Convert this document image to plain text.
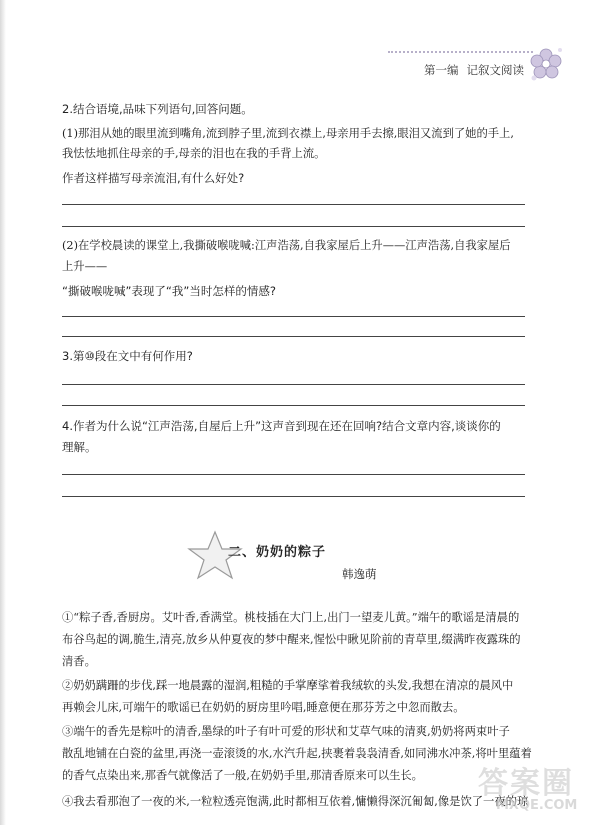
第一编 记叙文阅读
2.结合语境,品味下列语句,回答问题。
(1)那泪从她的眼里流到嘴角,流到脖子里,流到衣襟上,母亲用手去擦,眼泪又流到了她的手上,
我怯怯地抓住母亲的手,母亲的泪也在我的手背上流。
作者这样描写母亲流泪,有什么好处?
(2)在学校晨读的课堂上,我撕破喉咙喊:江声浩荡,自我家屋后上升——江声浩荡,自我家屋后
上升——
“撕破喉咙喊”表现了“我”当时怎样的情感?
3.第⑩段在文中有何作用?
4.作者为什么说“江声浩荡,自屋后上升”这声音到现在还在回响?结合文章内容,谈谈你的
理解。
二、奶奶的粽子
韩逸萌
①“粽子香,香厨房。艾叶香,香满堂。桃枝插在大门上,出门一望麦儿黄。”端午的歌谣是清晨的
布谷鸟起的调,脆生,清亮,放乡从仲夏夜的梦中醒来,惺忪中瞅见阶前的青草里,缀满昨夜露珠的
清香。
②奶奶蹒跚的步伐,踩一地晨露的湿润,粗糙的手掌摩挲着我绒软的头发,我想在清凉的晨风中
再赖会儿床,可端午的歌谣已在奶奶的厨房里吟唱,睡意便在那芬芳之中忽而散去。
③端午的香先是粽叶的清香,墨绿的叶子有叶可爱的形状和艾草气味的清爽,奶奶将两束叶子
散乱地铺在白瓷的盆里,再浇一壶滚烫的水,水汽升起,挟裹着袅袅清香,如同沸水冲茶,将叶里蕴着
的香气点染出来,那香气就像活了一般,在奶奶手里,那清香原来可以生长。
④我去看那泡了一夜的米,一粒粒透亮饱满,此时都相互依着,慵懒得深沉匍匐,像是饮了一夜的琼
答案圈
MXQE.COM
